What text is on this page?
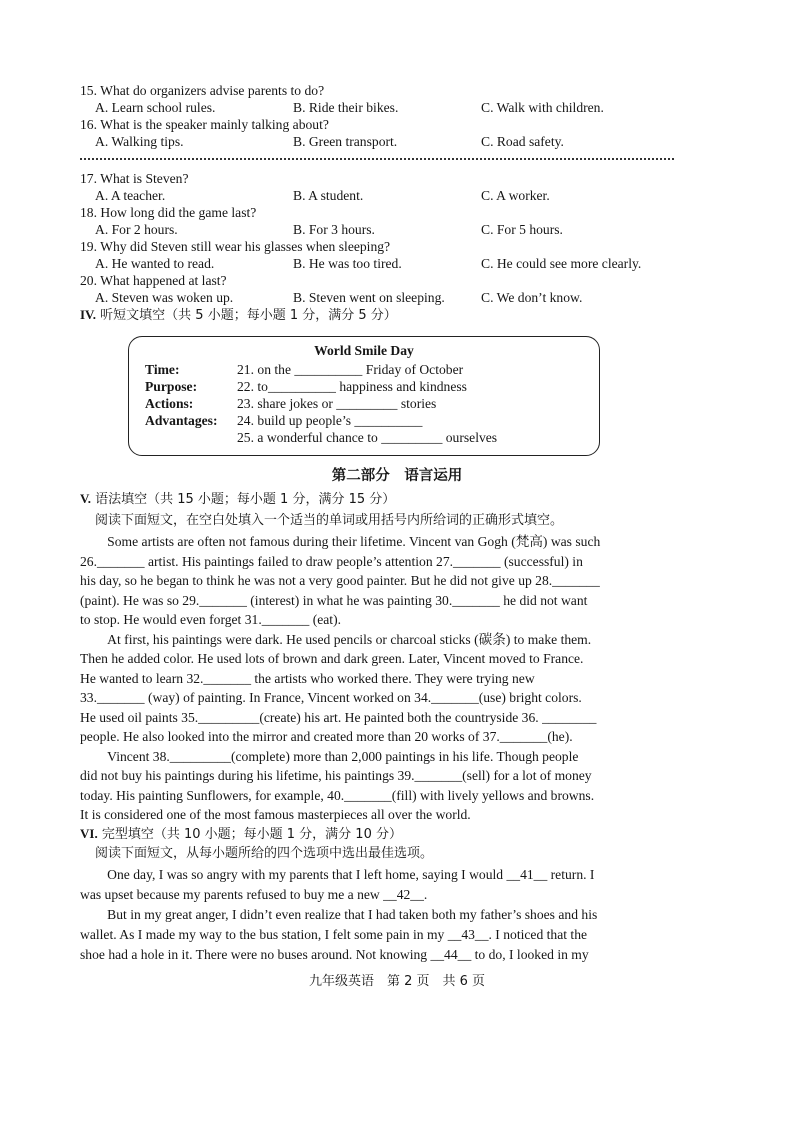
15. What do organizers advise parents to do?
A. Learn school rules.	B. Ride their bikes.	C. Walk with children.
16. What is the speaker mainly talking about?
A. Walking tips.	B. Green transport.	C. Road safety.
17. What is Steven?
A. A teacher.	B. A student.	C. A worker.
18. How long did the game last?
A. For 2 hours.	B. For 3 hours.	C. For 5 hours.
19. Why did Steven still wear his glasses when sleeping?
A. He wanted to read.	B. He was too tired.	C. He could see more clearly.
20. What happened at last?
A. Steven was woken up.	B. Steven went on sleeping.	C. We don’t know.
IV. 听短文填空（共 5 小题；每小题 1 分，满分 5 分）
World Smile Day
Time:	21. on the __________ Friday of October
Purpose:	22. to__________ happiness and kindness
Actions:	23. share jokes or _________ stories
Advantages: 24. build up people’s __________
25. a wonderful chance to _________ ourselves
第二部分　语言运用
V. 语法填空（共 15 小题；每小题 1 分，满分 15 分）
阅读下面短文，在空白处填入一个适当的单词或用括号内所给词的正确形式填空。
　　Some artists are often not famous during their lifetime. Vincent van Gogh (梵高) was such
26._______ artist. His paintings failed to draw people’s attention 27._______ (successful) in
his day, so he began to think he was not a very good painter. But he did not give up 28._______
(paint). He was so 29._______ (interest) in what he was painting 30._______ he did not want
to stop. He would even forget 31._______ (eat).
　　At first, his paintings were dark. He used pencils or charcoal sticks (碳条) to make them.
Then he added color. He used lots of brown and dark green. Later, Vincent moved to France.
He wanted to learn 32._______ the artists who worked there. They were trying new
33._______ (way) of painting. In France, Vincent worked on 34._______(use) bright colors.
He used oil paints 35._________(create) his art. He painted both the countryside 36. ________
people. He also looked into the mirror and created more than 20 works of 37._______(he).
　　Vincent 38._________(complete) more than 2,000 paintings in his life. Though people
did not buy his paintings during his lifetime, his paintings 39._______(sell) for a lot of money
today. His painting Sunflowers, for example, 40._______(fill) with lively yellows and browns.
It is considered one of the most famous masterpieces all over the world.
VI. 完型填空（共 10 小题；每小题 1 分，满分 10 分）
阅读下面短文，从每小题所给的四个选项中选出最佳选项。
　　One day, I was so angry with my parents that I left home, saying I would __41__ return. I
was upset because my parents refused to buy me a new __42__.
　　But in my great anger, I didn’t even realize that I had taken both my father’s shoes and his
wallet. As I made my way to the bus station, I felt some pain in my __43__. I noticed that the
shoe had a hole in it. There were no buses around. Not knowing __44__ to do, I looked in my
九年级英语　第 2 页　共 6 页
